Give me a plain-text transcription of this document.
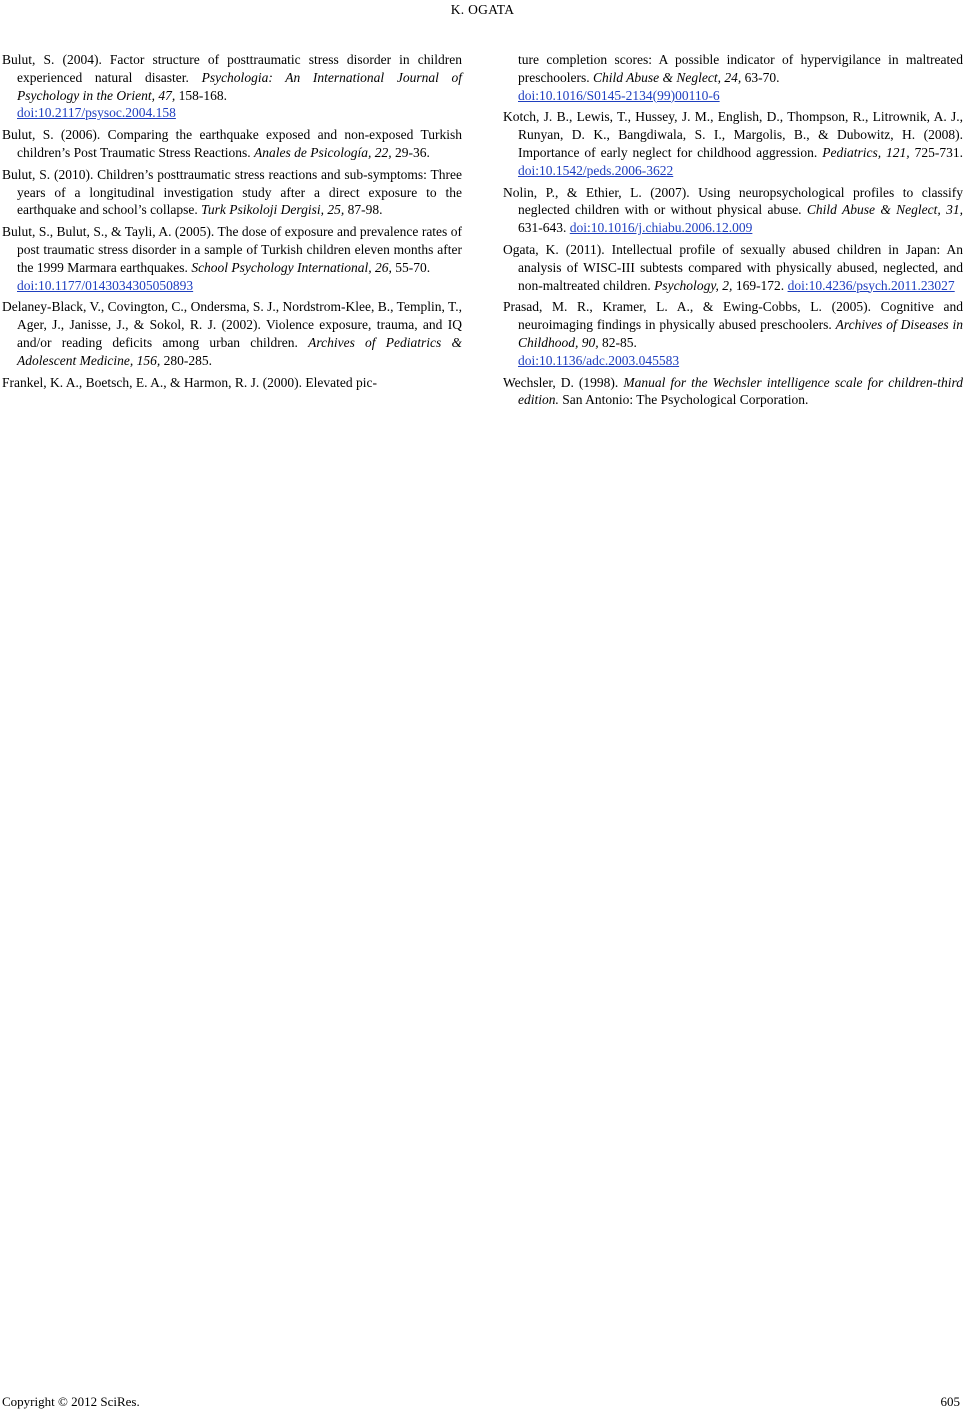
K. OGATA

Bulut, S. (2004). Factor structure of posttraumatic stress disorder in children experienced natural disaster. Psychologia: An International Journal of Psychology in the Orient, 47, 158-168.
doi:10.2117/psysoc.2004.158

Bulut, S. (2006). Comparing the earthquake exposed and non-exposed Turkish children’s Post Traumatic Stress Reactions. Anales de Psicología, 22, 29-36.

Bulut, S. (2010). Children’s posttraumatic stress reactions and sub-symptoms: Three years of a longitudinal investigation study after a direct exposure to the earthquake and school’s collapse. Turk Psikoloji Dergisi, 25, 87-98.

Bulut, S., Bulut, S., & Tayli, A. (2005). The dose of exposure and prevalence rates of post traumatic stress disorder in a sample of Turkish children eleven months after the 1999 Marmara earthquakes. School Psychology International, 26, 55-70.
doi:10.1177/0143034305050893

Delaney-Black, V., Covington, C., Ondersma, S. J., Nordstrom-Klee, B., Templin, T., Ager, J., Janisse, J., & Sokol, R. J. (2002). Violence exposure, trauma, and IQ and/or reading deficits among urban children. Archives of Pediatrics & Adolescent Medicine, 156, 280-285.

Frankel, K. A., Boetsch, E. A., & Harmon, R. J. (2000). Elevated pic-

ture completion scores: A possible indicator of hypervigilance in maltreated preschoolers. Child Abuse & Neglect, 24, 63-70.
doi:10.1016/S0145-2134(99)00110-6

Kotch, J. B., Lewis, T., Hussey, J. M., English, D., Thompson, R., Litrownik, A. J., Runyan, D. K., Bangdiwala, S. I., Margolis, B., & Dubowitz, H. (2008). Importance of early neglect for childhood aggression. Pediatrics, 121, 725-731. doi:10.1542/peds.2006-3622

Nolin, P., & Ethier, L. (2007). Using neuropsychological profiles to classify neglected children with or without physical abuse. Child Abuse & Neglect, 31, 631-643. doi:10.1016/j.chiabu.2006.12.009

Ogata, K. (2011). Intellectual profile of sexually abused children in Japan: An analysis of WISC-III subtests compared with physically abused, neglected, and non-maltreated children. Psychology, 2, 169-172. doi:10.4236/psych.2011.23027

Prasad, M. R., Kramer, L. A., & Ewing-Cobbs, L. (2005). Cognitive and neuroimaging findings in physically abused preschoolers. Archives of Diseases in Childhood, 90, 82-85.
doi:10.1136/adc.2003.045583

Wechsler, D. (1998). Manual for the Wechsler intelligence scale for children-third edition. San Antonio: The Psychological Corporation.

Copyright © 2012 SciRes.	605
